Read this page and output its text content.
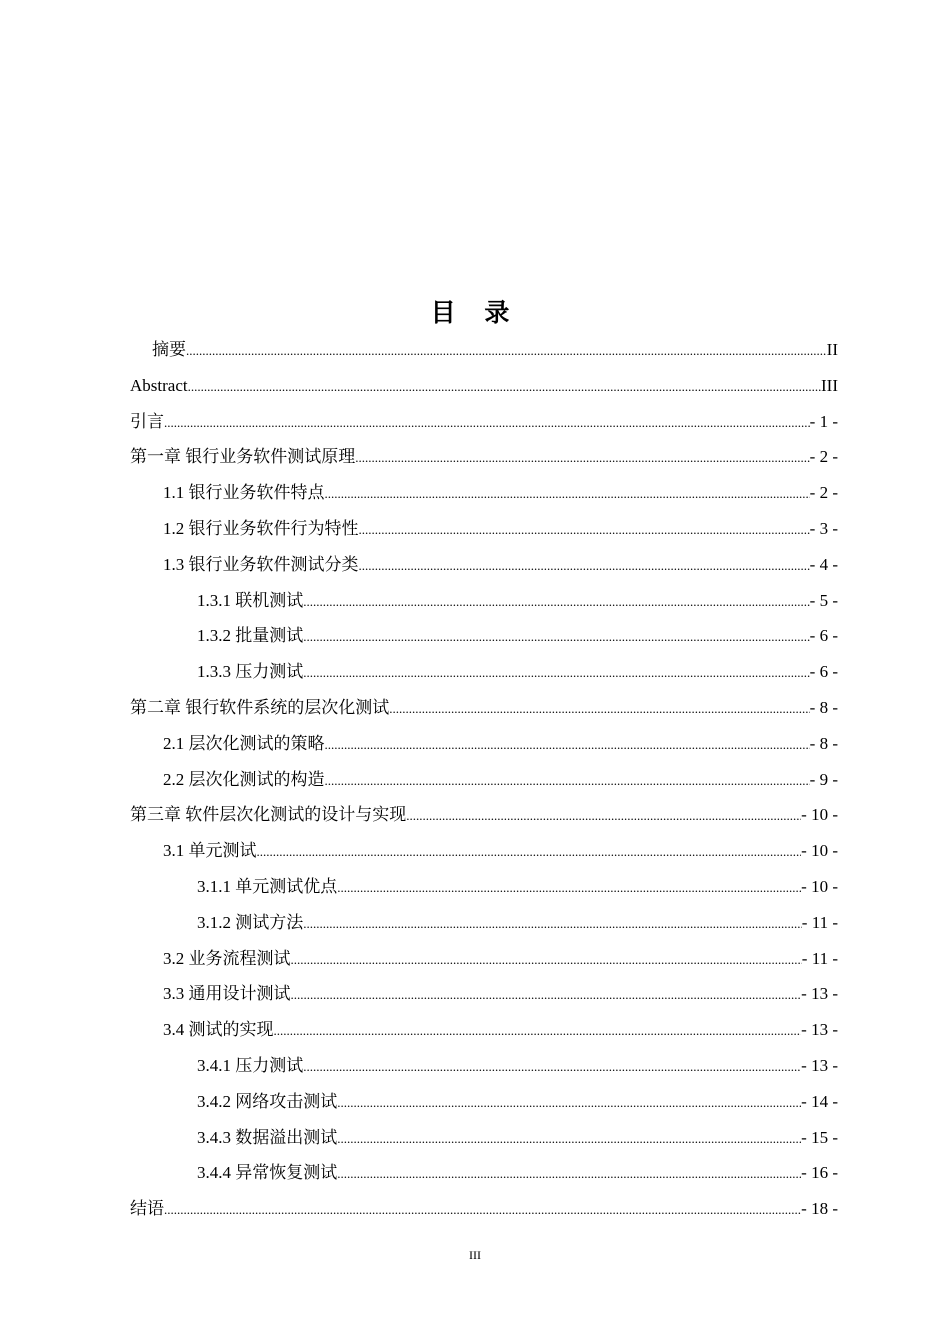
目 录
摘要 .....	II
Abstract .....	III
引言 .....	- 1 -
第一章 银行业务软件测试原理 .....	- 2 -
1.1 银行业务软件特点 .....	- 2 -
1.2 银行业务软件行为特性 .....	- 3 -
1.3 银行业务软件测试分类 .....	- 4 -
1.3.1 联机测试 .....	- 5 -
1.3.2 批量测试 .....	- 6 -
1.3.3 压力测试 .....	- 6 -
第二章 银行软件系统的层次化测试 .....	- 8 -
2.1 层次化测试的策略 .....	- 8 -
2.2 层次化测试的构造 .....	- 9 -
第三章 软件层次化测试的设计与实现 .....	- 10 -
3.1 单元测试 .....	- 10 -
3.1.1 单元测试优点 .....	- 10 -
3.1.2 测试方法 .....	- 11 -
3.2 业务流程测试 .....	- 11 -
3.3 通用设计测试 .....	- 13 -
3.4 测试的实现 .....	- 13 -
3.4.1 压力测试 .....	- 13 -
3.4.2 网络攻击测试 .....	- 14 -
3.4.3 数据溢出测试 .....	- 15 -
3.4.4 异常恢复测试 .....	- 16 -
结语 .....	- 18 -
III
